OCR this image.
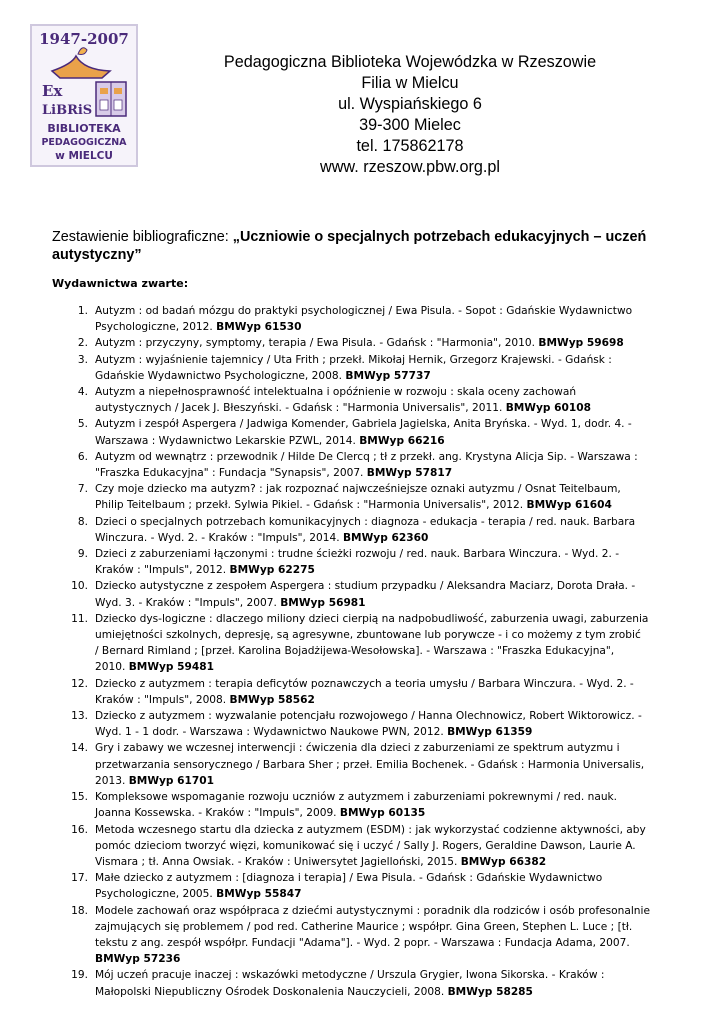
1947-2007
Ex
LiBRiS
BIBLIOTEKA
PEDAGOGICZNA
w MIELCU
Pedagogiczna Biblioteka Wojewódzka w Rzeszowie
Filia w Mielcu
ul. Wyspiańskiego 6
39-300 Mielec
tel. 175862178
www. rzeszow.pbw.org.pl
Zestawienie bibliograficzne: „Uczniowie o specjalnych potrzebach edukacyjnych – uczeń
autystyczny”
Wydawnictwa zwarte:
1. Autyzm : od badań mózgu do praktyki psychologicznej / Ewa Pisula. - Sopot : Gdańskie Wydawnictwo
Psychologiczne, 2012. BMWyp 61530
2. Autyzm : przyczyny, symptomy, terapia / Ewa Pisula. - Gdańsk : "Harmonia", 2010. BMWyp 59698
3. Autyzm : wyjaśnienie tajemnicy / Uta Frith ; przekł. Mikołaj Hernik, Grzegorz Krajewski. - Gdańsk :
Gdańskie Wydawnictwo Psychologiczne, 2008. BMWyp 57737
4. Autyzm a niepełnosprawność intelektualna i opóźnienie w rozwoju : skala oceny zachowań
autystycznych / Jacek J. Błeszyński. - Gdańsk : "Harmonia Universalis", 2011. BMWyp 60108
5. Autyzm i zespół Aspergera / Jadwiga Komender, Gabriela Jagielska, Anita Bryńska. - Wyd. 1, dodr. 4. -
Warszawa : Wydawnictwo Lekarskie PZWL, 2014. BMWyp 66216
6. Autyzm od wewnątrz : przewodnik / Hilde De Clercq ; tł z przekł. ang. Krystyna Alicja Sip. - Warszawa :
"Fraszka Edukacyjna" : Fundacja "Synapsis", 2007. BMWyp 57817
7. Czy moje dziecko ma autyzm? : jak rozpoznać najwcześniejsze oznaki autyzmu / Osnat Teitelbaum,
Philip Teitelbaum ; przekł. Sylwia Pikiel. - Gdańsk : "Harmonia Universalis", 2012. BMWyp 61604
8. Dzieci o specjalnych potrzebach komunikacyjnych : diagnoza - edukacja - terapia / red. nauk. Barbara
Winczura. - Wyd. 2. - Kraków : "Impuls", 2014. BMWyp 62360
9. Dzieci z zaburzeniami łączonymi : trudne ścieżki rozwoju / red. nauk. Barbara Winczura. - Wyd. 2. -
Kraków : "Impuls", 2012. BMWyp 62275
10. Dziecko autystyczne z zespołem Aspergera : studium przypadku / Aleksandra Maciarz, Dorota Drała. -
Wyd. 3. - Kraków : "Impuls", 2007. BMWyp 56981
11. Dziecko dys-logiczne : dlaczego miliony dzieci cierpią na nadpobudliwość, zaburzenia uwagi, zaburzenia
umiejętności szkolnych, depresję, są agresywne, zbuntowane lub porywcze - i co możemy z tym zrobić
/ Bernard Rimland ; [przeł. Karolina Bojadżijewa-Wesołowska]. - Warszawa : "Fraszka Edukacyjna",
2010. BMWyp 59481
12. Dziecko z autyzmem : terapia deficytów poznawczych a teoria umysłu / Barbara Winczura. - Wyd. 2. -
Kraków : "Impuls", 2008. BMWyp 58562
13. Dziecko z autyzmem : wyzwalanie potencjału rozwojowego / Hanna Olechnowicz, Robert Wiktorowicz. -
Wyd. 1 - 1 dodr. - Warszawa : Wydawnictwo Naukowe PWN, 2012. BMWyp 61359
14. Gry i zabawy we wczesnej interwencji : ćwiczenia dla dzieci z zaburzeniami ze spektrum autyzmu i
przetwarzania sensorycznego / Barbara Sher ; przeł. Emilia Bochenek. - Gdańsk : Harmonia Universalis,
2013. BMWyp 61701
15. Kompleksowe wspomaganie rozwoju uczniów z autyzmem i zaburzeniami pokrewnymi / red. nauk.
Joanna Kossewska. - Kraków : "Impuls", 2009. BMWyp 60135
16. Metoda wczesnego startu dla dziecka z autyzmem (ESDM) : jak wykorzystać codzienne aktywności, aby
pomóc dzieciom tworzyć więzi, komunikować się i uczyć / Sally J. Rogers, Geraldine Dawson, Laurie A.
Vismara ; tł. Anna Owsiak. - Kraków : Uniwersytet Jagielloński, 2015. BMWyp 66382
17. Małe dziecko z autyzmem : [diagnoza i terapia] / Ewa Pisula. - Gdańsk : Gdańskie Wydawnictwo
Psychologiczne, 2005. BMWyp 55847
18. Modele zachowań oraz współpraca z dziećmi autystycznymi : poradnik dla rodziców i osób profesonalnie
zajmujących się problemem / pod red. Catherine Maurice ; współpr. Gina Green, Stephen L. Luce ; [tł.
tekstu z ang. zespół współpr. Fundacji "Adama"]. - Wyd. 2 popr. - Warszawa : Fundacja Adama, 2007.
BMWyp 57236
19. Mój uczeń pracuje inaczej : wskazówki metodyczne / Urszula Grygier, Iwona Sikorska. - Kraków :
Małopolski Niepubliczny Ośrodek Doskonalenia Nauczycieli, 2008. BMWyp 58285
